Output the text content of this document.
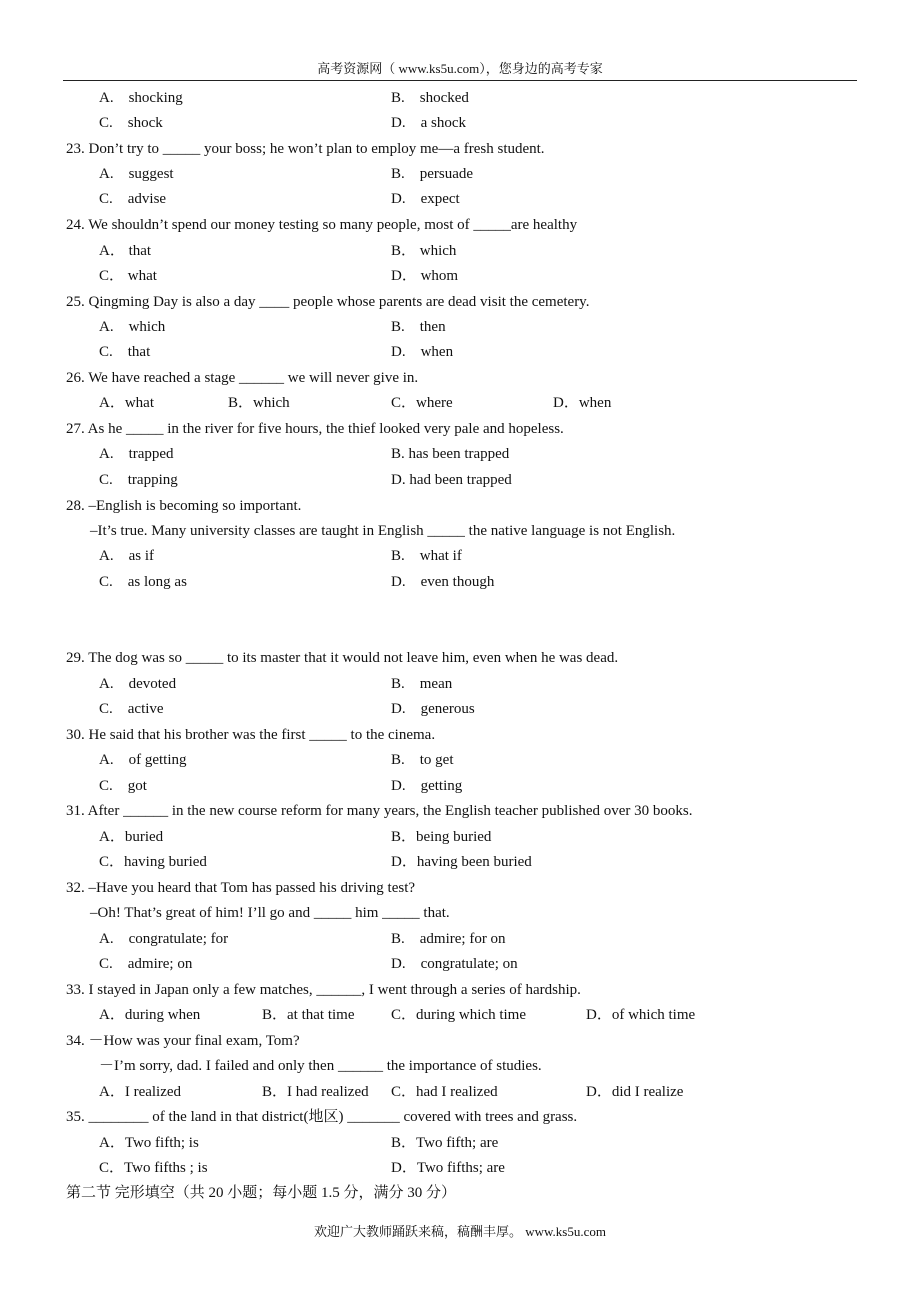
高考资源网（ www.ks5u.com），您身边的高考专家
A.　shocking	B.　shocked
C.　shock	D.　a shock
23. Don’t try to _____ your boss; he won’t plan to employ me—a fresh student.
A.　suggest	B.　persuade
C.　advise	D.　expect
24. We shouldn’t spend our money testing so many people, most of _____are healthy
A． that	B． which
C． what	D． whom
25. Qingming Day is also a day ____ people whose parents are dead visit the cemetery.
A.　which	B.　then
C.　that	D.　when
26. We have reached a stage ______ we will never give in.
A．what	B．which	C．where	D．when
27. As he _____ in the river for five hours, the thief looked very pale and hopeless.
A.　trapped	B. has been trapped
C.　trapping	D. had been trapped
28. –English is becoming so important.
–It’s true. Many university classes are taught in English _____ the native language is not English.
A.　as if	B.　what if
C.　as long as	D.　even though
29. The dog was so _____ to its master that it would not leave him, even when he was dead.
A.　devoted	B.　mean
C.　active	D.　generous
30. He said that his brother was the first _____ to the cinema.
A.　of getting	B.　to get
C.　got	D.　getting
31. After ______ in the new course reform for many years, the English teacher published over 30 books.
A．buried	B．being buried
C．having buried	D．having been buried
32. –Have you heard that Tom has passed his driving test?
–Oh! That’s great of him! I’ll go and _____ him _____ that.
A.　congratulate; for	B.　admire; for on
C.　admire; on	D.　congratulate; on
33. I stayed in Japan only a few matches, ______, I went through a series of hardship.
A．during when	B．at that time C．during which time	D．of which time
34. －How was your final exam, Tom?
－I’m sorry, dad. I failed and only then ______ the importance of studies.
A．I realized	B．I had realized C．had I realized	D．did I realize
35. ________ of the land in that district(地区) _______ covered with trees and grass.
A．Two fifth; is	B．Two fifth; are
C．Two fifths ; is	D．Two fifths; are
第二节 完形填空（共 20 小题；每小题 1.5 分，满分 30 分）
欢迎广大教师踊跃来稿，稿酬丰厚。 www.ks5u.com
